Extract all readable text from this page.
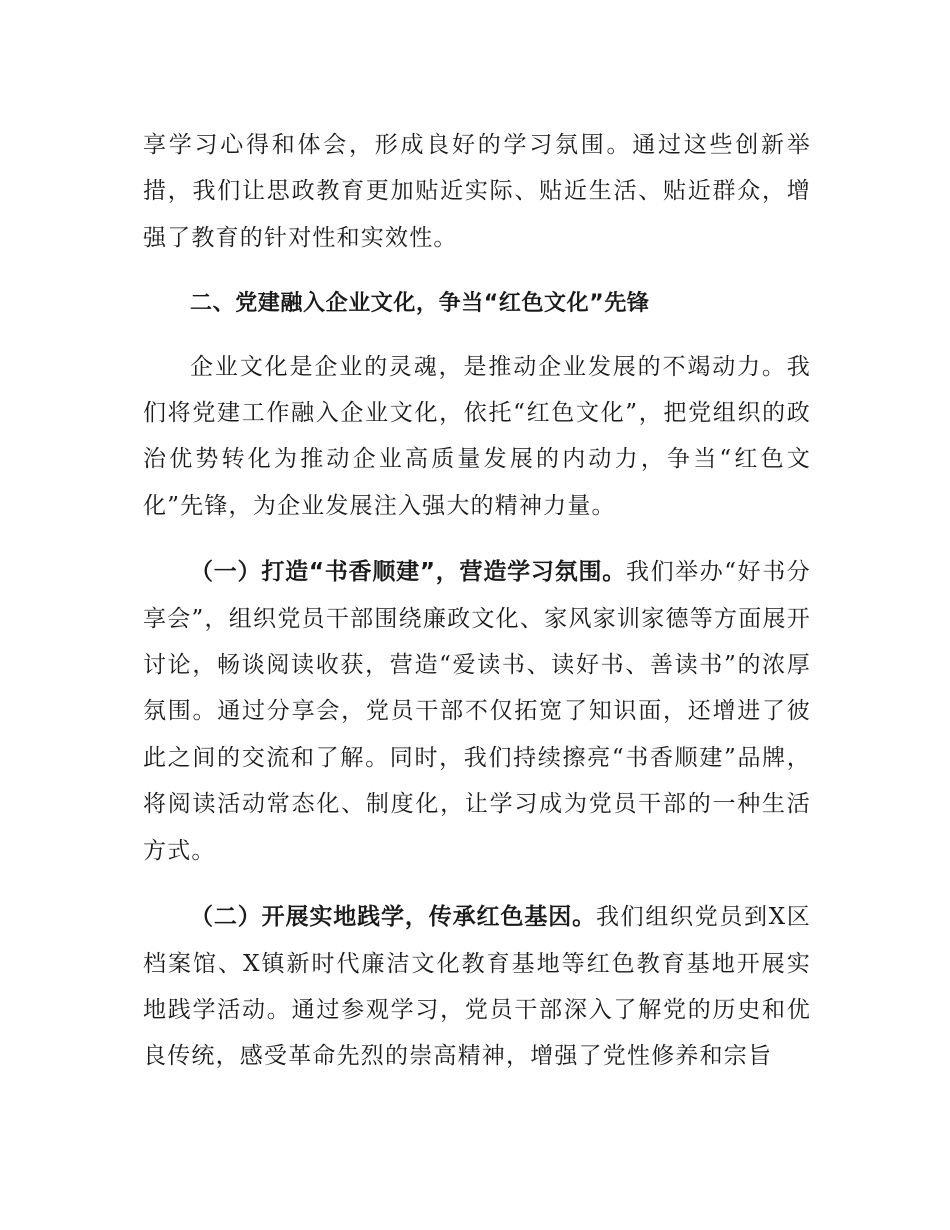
享学习心得和体会，形成良好的学习氛围。通过这些创新举措，我们让思政教育更加贴近实际、贴近生活、贴近群众，增强了教育的针对性和实效性。

二、党建融入企业文化，争当“红色文化”先锋

企业文化是企业的灵魂，是推动企业发展的不竭动力。我们将党建工作融入企业文化，依托“红色文化”，把党组织的政治优势转化为推动企业高质量发展的内动力，争当“红色文化”先锋，为企业发展注入强大的精神力量。

（一）打造“书香顺建”，营造学习氛围。我们举办“好书分享会”，组织党员干部围绕廉政文化、家风家训家德等方面展开讨论，畅谈阅读收获，营造“爱读书、读好书、善读书”的浓厚氛围。通过分享会，党员干部不仅拓宽了知识面，还增进了彼此之间的交流和了解。同时，我们持续擦亮“书香顺建”品牌，将阅读活动常态化、制度化，让学习成为党员干部的一种生活方式。

（二）开展实地践学，传承红色基因。我们组织党员到X区档案馆、X镇新时代廉洁文化教育基地等红色教育基地开展实地践学活动。通过参观学习，党员干部深入了解党的历史和优良传统，感受革命先烈的崇高精神，增强了党性修养和宗旨
